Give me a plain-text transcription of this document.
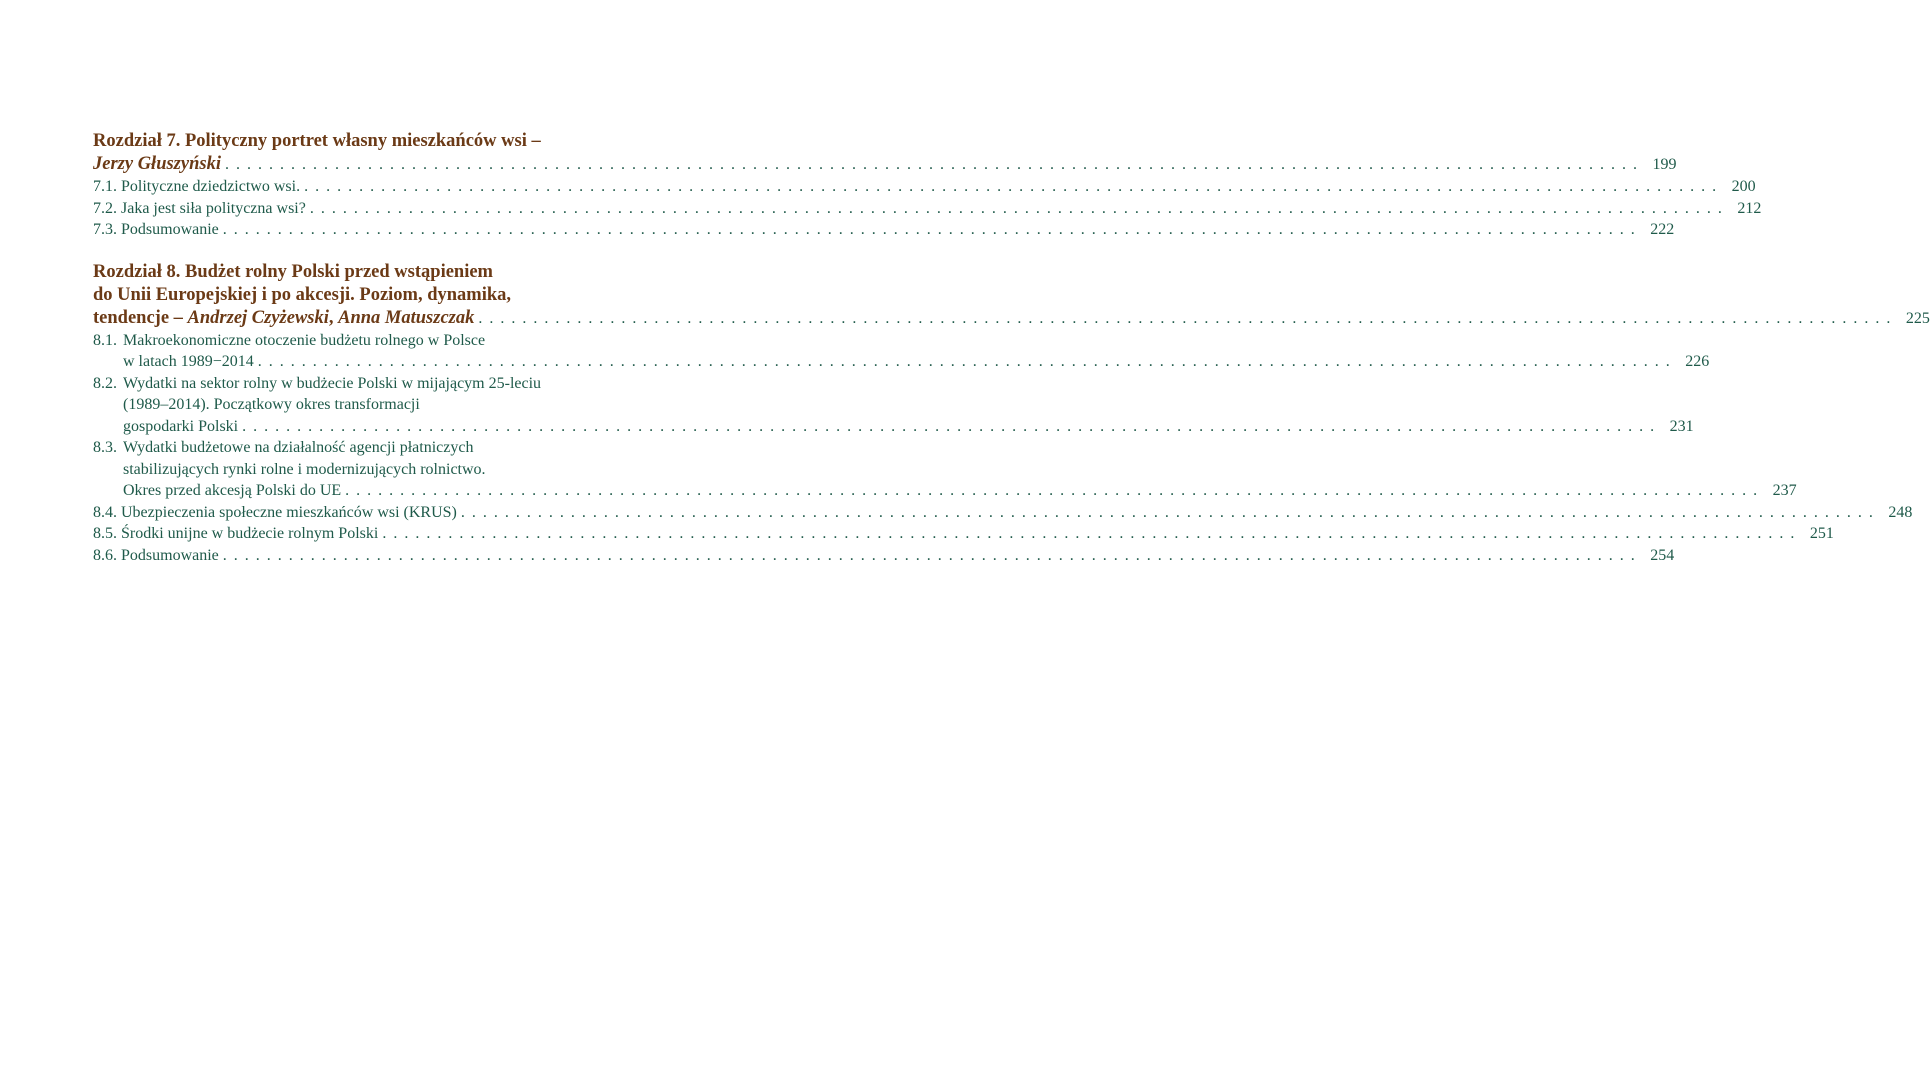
Rozdział 7. Polityczny portret własny mieszkańców wsi –
Jerzy Głuszyński . . .	199
7.1. Polityczne dziedzictwo wsi. . . .	200
7.2. Jaka jest siła polityczna wsi? . . .	212
7.3. Podsumowanie . . .	222
Rozdział 8. Budżet rolny Polski przed wstąpieniem
do Unii Europejskiej i po akcesji. Poziom, dynamika,
tendencje – Andrzej Czyżewski, Anna Matuszczak . . .	225
8.1. Makroekonomiczne otoczenie budżetu rolnego w Polsce
w latach 1989−2014 . . .	226
8.2. Wydatki na sektor rolny w budżecie Polski w mijającym 25-leciu
(1989–2014). Początkowy okres transformacji
gospodarki Polski . . .	231
8.3. Wydatki budżetowe na działalność agencji płatniczych
stabilizujących rynki rolne i modernizujących rolnictwo.
Okres przed akcesją Polski do UE . . .	237
8.4. Ubezpieczenia społeczne mieszkańców wsi (KRUS) . . .	248
8.5. Środki unijne w budżecie rolnym Polski . . .	251
8.6. Podsumowanie . . .	254
